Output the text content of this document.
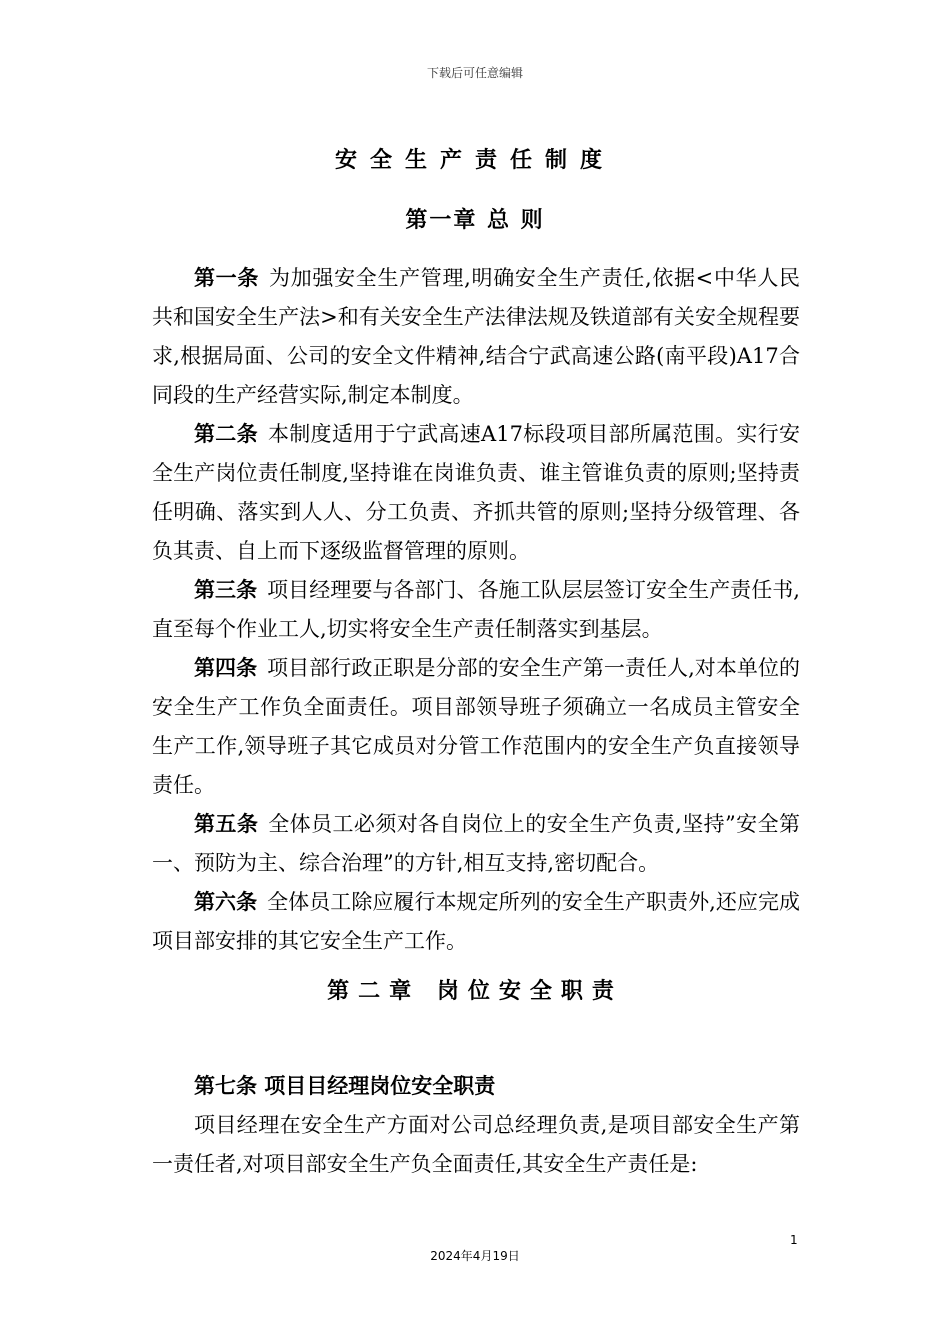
下载后可任意编辑
安全生产责任制度
第一章 总 则

第一条 为加强安全生产管理,明确安全生产责任,依据<中华人民共和国安全生产法>和有关安全生产法律法规及铁道部有关安全规程要求,根据局面、公司的安全文件精神,结合宁武高速公路(南平段)A17合同段的生产经营实际,制定本制度。

第二条 本制度适用于宁武高速A17标段项目部所属范围。实行安全生产岗位责任制度,坚持谁在岗谁负责、谁主管谁负责的原则;坚持责任明确、落实到人人、分工负责、齐抓共管的原则;坚持分级管理、各负其责、自上而下逐级监督管理的原则。

第三条 项目经理要与各部门、各施工队层层签订安全生产责任书,直至每个作业工人,切实将安全生产责任制落实到基层。

第四条 项目部行政正职是分部的安全生产第一责任人,对本单位的安全生产工作负全面责任。项目部领导班子须确立一名成员主管安全生产工作,领导班子其它成员对分管工作范围内的安全生产负直接领导责任。

第五条 全体员工必须对各自岗位上的安全生产负责,坚持”安全第一、预防为主、综合治理”的方针,相互支持,密切配合。

第六条 全体员工除应履行本规定所列的安全生产职责外,还应完成项目部安排的其它安全生产工作。

第二章 岗位安全职责

第七条 项目目经理岗位安全职责

项目经理在安全生产方面对公司总经理负责,是项目部安全生产第一责任者,对项目部安全生产负全面责任,其安全生产责任是:

1
2024年4月19日
